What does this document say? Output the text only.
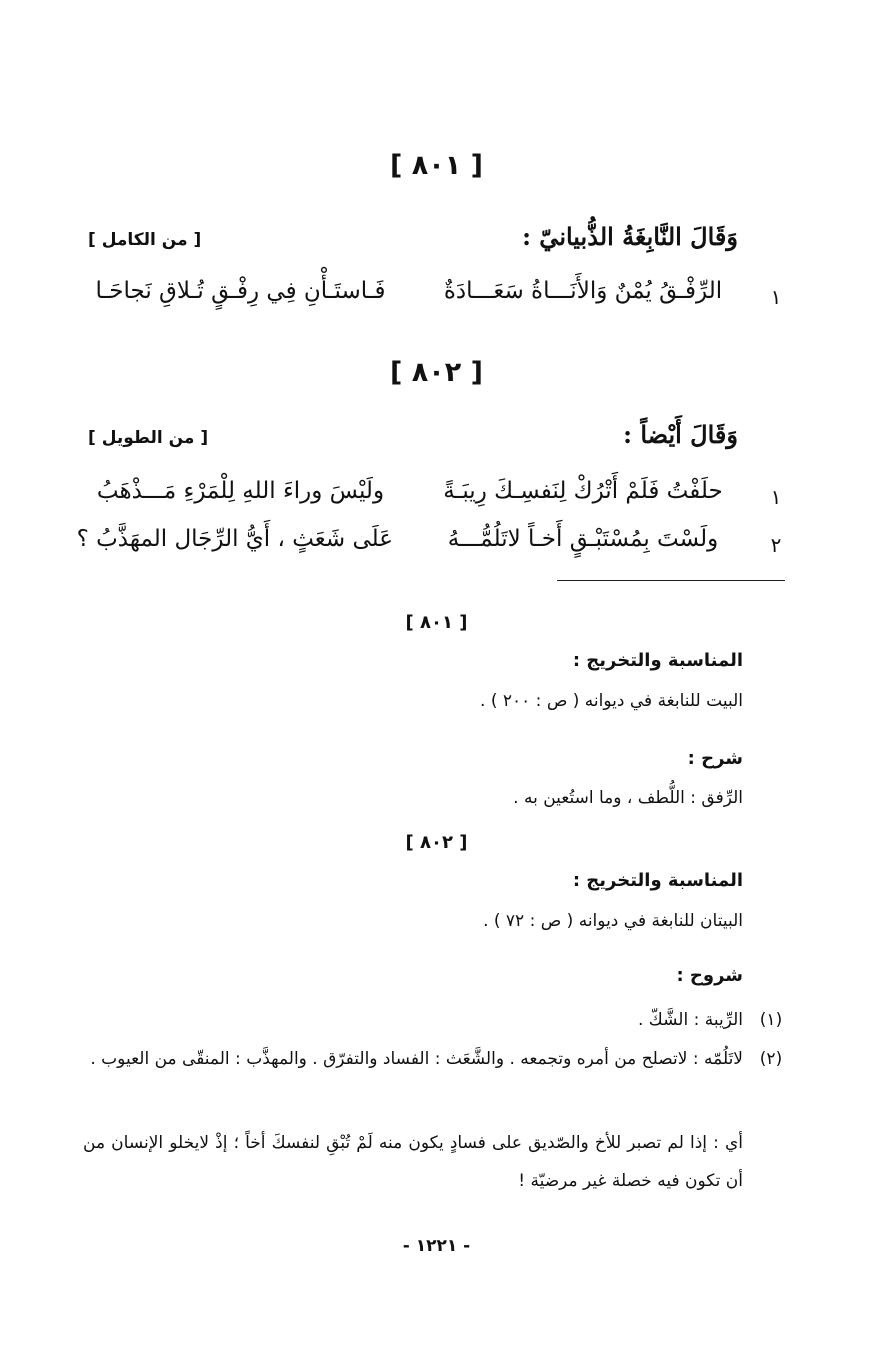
[ ٨٠١ ]
وَقَالَ النَّابِغَةُ الذُّبيانيّ :
[ من الكامل ]
١
الرِّفْـقُ يُمْنٌ وَالأَنَـــاةُ سَعَـــادَةٌ
فَـاستَـأْنِ فِي رِفْـقٍ تُـلاقِ نَجاحَـا
[ ٨٠٢ ]
وَقَالَ أَيْضاً :
[ من الطويل ]
١
حلَفْتُ فَلَمْ أَتْرُكْ لِنَفسِـكَ رِيبَـةً
ولَيْسَ وراءَ اللهِ لِلْمَرْءِ مَـــذْهَبُ
٢
ولَسْتَ بِمُسْتَبْـقٍ أَخـاً لاتَلُمُّـــهُ
عَلَى شَعَثٍ ، أَيُّ الرِّجَال المهَذَّبُ ؟
[ ٨٠١ ]
المناسبة والتخريج :
البيت للنابغة في ديوانه ( ص : ٢٠٠ ) .
شرح :
الرِّفق : اللُّطف ، وما استُعين به .
[ ٨٠٢ ]
المناسبة والتخريج :
البيتان للنابغة في ديوانه ( ص : ٧٢ ) .
شروح :
(١)
الرِّيبة : الشَّكّ .
(٢)
لاتَلُمّه : لاتصلح من أمره وتجمعه . والشَّعَث : الفساد والتفرّق . والمهذَّب : المنقّى من العيوب .
أي : إذا لم تصبر للأخ والصّديق على فسادٍ يكون منه لَمْ تُبْقِ لنفسكَ أخاً ؛ إذْ لايخلو الإنسان من أن تكون فيه خصلة غير مرضيّة !
- ١٢٢١ -
